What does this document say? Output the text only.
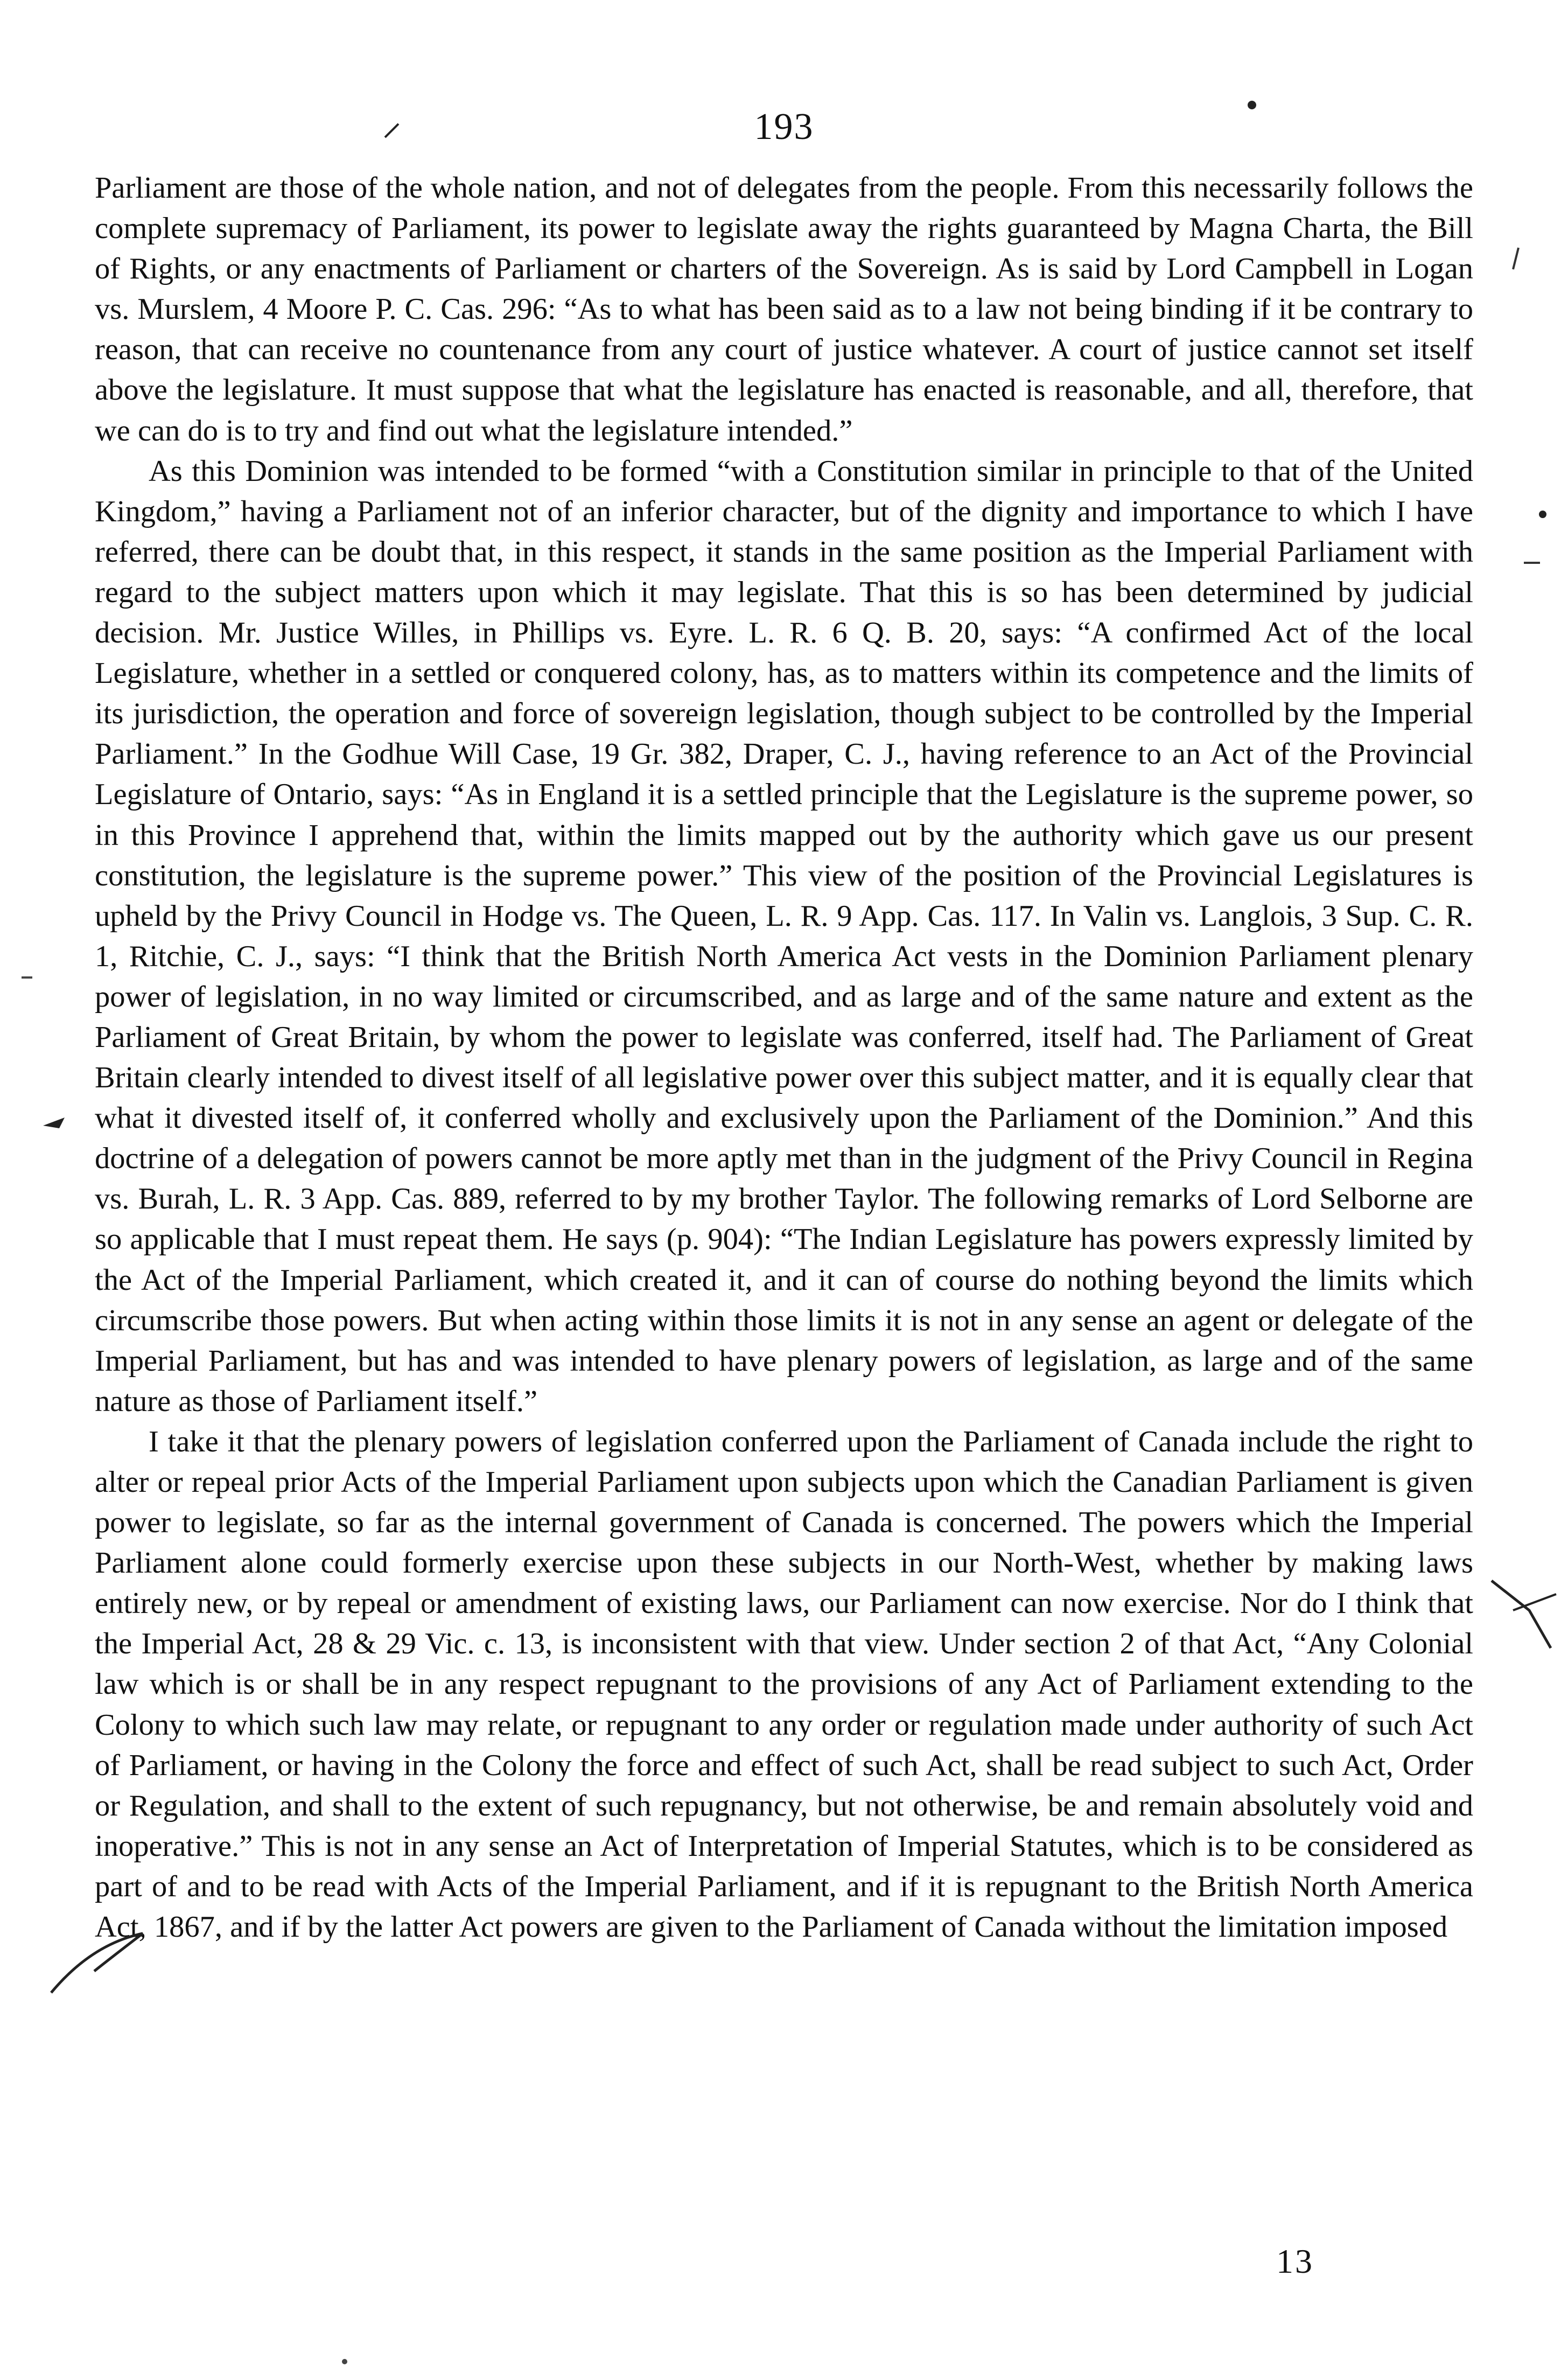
193

Parliament are those of the whole nation, and not of delegates from the people. From this necessarily follows the complete supremacy of Parliament, its power to legislate away the rights guaranteed by Magna Charta, the Bill of Rights, or any enactments of Parliament or charters of the Sovereign. As is said by Lord Campbell in Logan vs. Murslem, 4 Moore P. C. Cas. 296: “As to what has been said as to a law not being binding if it be contrary to reason, that can receive no countenance from any court of justice whatever. A court of justice cannot set itself above the legislature. It must suppose that what the legislature has enacted is reasonable, and all, therefore, that we can do is to try and find out what the legislature intended.”

As this Dominion was intended to be formed “with a Constitution similar in principle to that of the United Kingdom,” having a Parliament not of an inferior character, but of the dignity and importance to which I have referred, there can be doubt that, in this respect, it stands in the same position as the Imperial Parliament with regard to the subject matters upon which it may legislate. That this is so has been determined by judicial decision. Mr. Justice Willes, in Phillips vs. Eyre. L. R. 6 Q. B. 20, says: “A confirmed Act of the local Legislature, whether in a settled or conquered colony, has, as to matters within its competence and the limits of its jurisdiction, the operation and force of sovereign legislation, though subject to be controlled by the Imperial Parliament.” In the Godhue Will Case, 19 Gr. 382, Draper, C. J., having reference to an Act of the Provincial Legislature of Ontario, says: “As in England it is a settled principle that the Legislature is the supreme power, so in this Province I apprehend that, within the limits mapped out by the authority which gave us our present constitution, the legislature is the supreme power.” This view of the position of the Provincial Legislatures is upheld by the Privy Council in Hodge vs. The Queen, L. R. 9 App. Cas. 117. In Valin vs. Langlois, 3 Sup. C. R. 1, Ritchie, C. J., says: “I think that the British North America Act vests in the Dominion Parliament plenary power of legislation, in no way limited or circumscribed, and as large and of the same nature and extent as the Parliament of Great Britain, by whom the power to legislate was conferred, itself had. The Parliament of Great Britain clearly intended to divest itself of all legislative power over this subject matter, and it is equally clear that what it divested itself of, it conferred wholly and exclusively upon the Parliament of the Dominion.” And this doctrine of a delegation of powers cannot be more aptly met than in the judgment of the Privy Council in Regina vs. Burah, L. R. 3 App. Cas. 889, referred to by my brother Taylor. The following remarks of Lord Selborne are so applicable that I must repeat them. He says (p. 904): “The Indian Legislature has powers expressly limited by the Act of the Imperial Parliament, which created it, and it can of course do nothing beyond the limits which circumscribe those powers. But when acting within those limits it is not in any sense an agent or delegate of the Imperial Parliament, but has and was intended to have plenary powers of legislation, as large and of the same nature as those of Parliament itself.”

I take it that the plenary powers of legislation conferred upon the Parliament of Canada include the right to alter or repeal prior Acts of the Imperial Parliament upon subjects upon which the Canadian Parliament is given power to legislate, so far as the internal government of Canada is concerned. The powers which the Imperial Parliament alone could formerly exercise upon these subjects in our North-West, whether by making laws entirely new, or by repeal or amendment of existing laws, our Parliament can now exercise. Nor do I think that the Imperial Act, 28 & 29 Vic. c. 13, is inconsistent with that view. Under section 2 of that Act, “Any Colonial law which is or shall be in any respect repugnant to the provisions of any Act of Parliament extending to the Colony to which such law may relate, or repugnant to any order or regulation made under authority of such Act of Parliament, or having in the Colony the force and effect of such Act, shall be read subject to such Act, Order or Regulation, and shall to the extent of such repugnancy, but not otherwise, be and remain absolutely void and inoperative.” This is not in any sense an Act of Interpretation of Imperial Statutes, which is to be considered as part of and to be read with Acts of the Imperial Parliament, and if it is repugnant to the British North America Act, 1867, and if by the latter Act powers are given to the Parliament of Canada without the limitation imposed

13
